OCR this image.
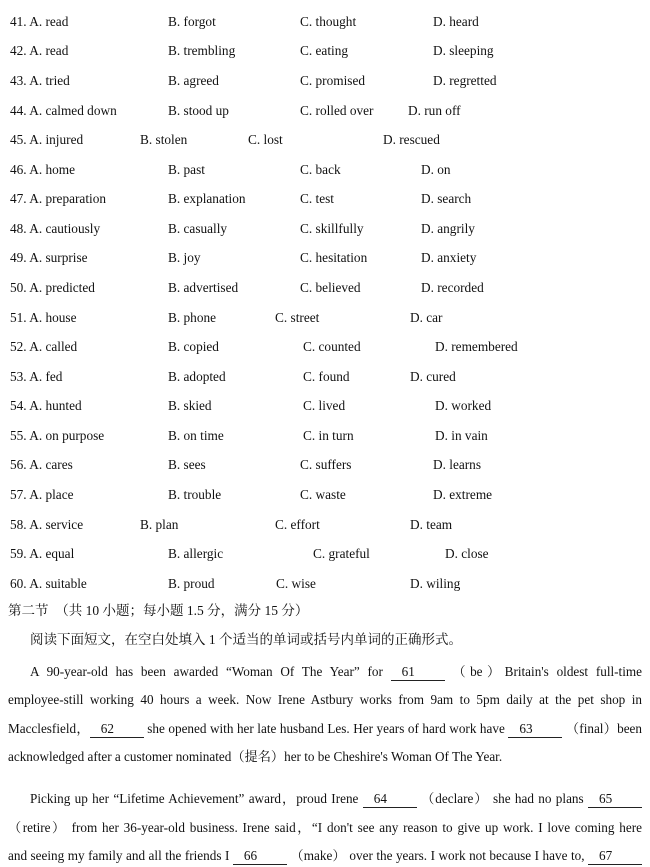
41. A. read	B. forgot	C. thought	D. heard
42. A. read	B. trembling	C. eating	D. sleeping
43. A. tried	B. agreed	C. promised	D. regretted
44. A. calmed down	B. stood up	C. rolled over	D. run off
45. A. injured	B. stolen	C. lost	D. rescued
46. A. home	B. past	C. back	D. on
47. A. preparation	B. explanation	C. test	D. search
48. A. cautiously	B. casually	C. skillfully	D. angrily
49. A. surprise	B. joy	C. hesitation	D. anxiety
50. A. predicted	B. advertised	C. believed	D. recorded
51. A. house	B. phone	C. street	D. car
52. A. called	B. copied	C. counted	D. remembered
53. A. fed	B. adopted	C. found	D. cured
54. A. hunted	B. skied	C. lived	D. worked
55. A. on purpose	B. on time	C. in turn	D. in vain
56. A. cares	B. sees	C. suffers	D. learns
57. A. place	B. trouble	C. waste	D. extreme
58. A. service	B. plan	C. effort	D. team
59. A. equal	B. allergic	C. grateful	D. close
60. A. suitable	B. proud	C. wise	D. wiling
第二节  （共 10 小题；每小题 1.5 分，满分 15 分）
阅读下面短文，在空白处填入 1 个适当的单词或括号内单词的正确形式。
A 90-year-old has been awarded “Woman Of The Year” for 61 （be）Britain's oldest full-time
employee-still working 40 hours a week. Now Irene Astbury works from 9am to 5pm daily at the pet shop in
Macclesfield， 62 she opened with her late husband Les. Her years of hard work have 63 （final）been
acknowledged after a customer nominated（提名）her to be Cheshire's Woman Of The Year.
Picking up her “Lifetime Achievement” award，proud Irene 64 （declare） she had no plans 65
（retire） from her 36-year-old business. Irene said，“I don't see any reason to give up work. I love coming here
and seeing my family and all the friends I 66 （make） over the years. I work not because I have to, 67
